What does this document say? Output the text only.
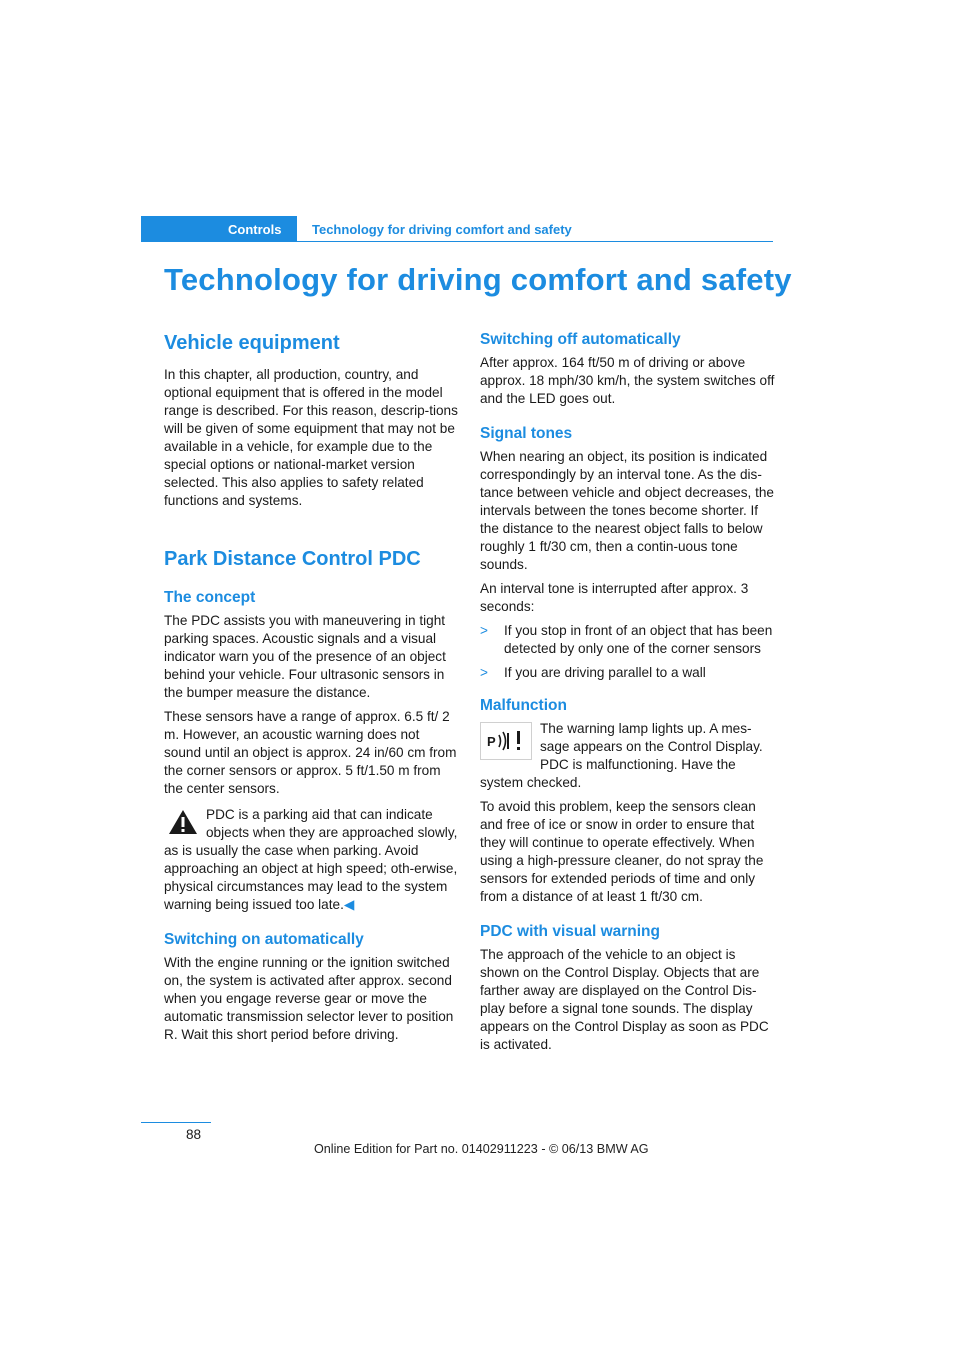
Controls Technology for driving comfort and safety
Technology for driving comfort and safety
Vehicle equipment

In this chapter, all production, country, and optional equipment that is offered in the model range is described. For this reason, descrip-tions will be given of some equipment that may not be available in a vehicle, for example due to the special options or national-market version selected. This also applies to safety related functions and systems.

Park Distance Control PDC
The concept

The PDC assists you with maneuvering in tight parking spaces. Acoustic signals and a visual indicator warn you of the presence of an object behind your vehicle. Four ultrasonic sensors in the bumper measure the distance.

These sensors have a range of approx. 6.5 ft/ 2 m. However, an acoustic warning does not sound until an object is approx. 24 in/60 cm from the corner sensors or approx. 5 ft/1.50 m from the center sensors.

PDC is a parking aid that can indicate objects when they are approached slowly, as is usually the case when parking. Avoid approaching an object at high speed; oth-erwise, physical circumstances may lead to the system warning being issued too late.◀
Switching on automatically

With the engine running or the ignition switched on, the system is activated after approx. second when you engage reverse gear or move the automatic transmission selector lever to position R. Wait this short period before driving.

Switching off automatically

After approx. 164 ft/50 m of driving or above approx. 18 mph/30 km/h, the system switches off and the LED goes out.

Signal tones

When nearing an object, its position is indicated correspondingly by an interval tone. As the dis-tance between vehicle and object decreases, the intervals between the tones become shorter. If the distance to the nearest object falls to below roughly 1 ft/30 cm, then a contin-uous tone sounds.

An interval tone is interrupted after approx. 3 seconds:

>	If you stop in front of an object that has been detected by only one of the corner sensors
>	If you are driving parallel to a wall
Malfunction
P
The warning lamp lights up. A mes-sage appears on the Control Display. PDC is malfunctioning. Have the system checked.

To avoid this problem, keep the sensors clean and free of ice or snow in order to ensure that they will continue to operate effectively. When using a high-pressure cleaner, do not spray the sensors for extended periods of time and only from a distance of at least 1 ft/30 cm.

PDC with visual warning

The approach of the vehicle to an object is shown on the Control Display. Objects that are farther away are displayed on the Control Dis-play before a signal tone sounds. The display appears on the Control Display as soon as PDC is activated.

88
Online Edition for Part no. 01402911223 - © 06/13 BMW AG
